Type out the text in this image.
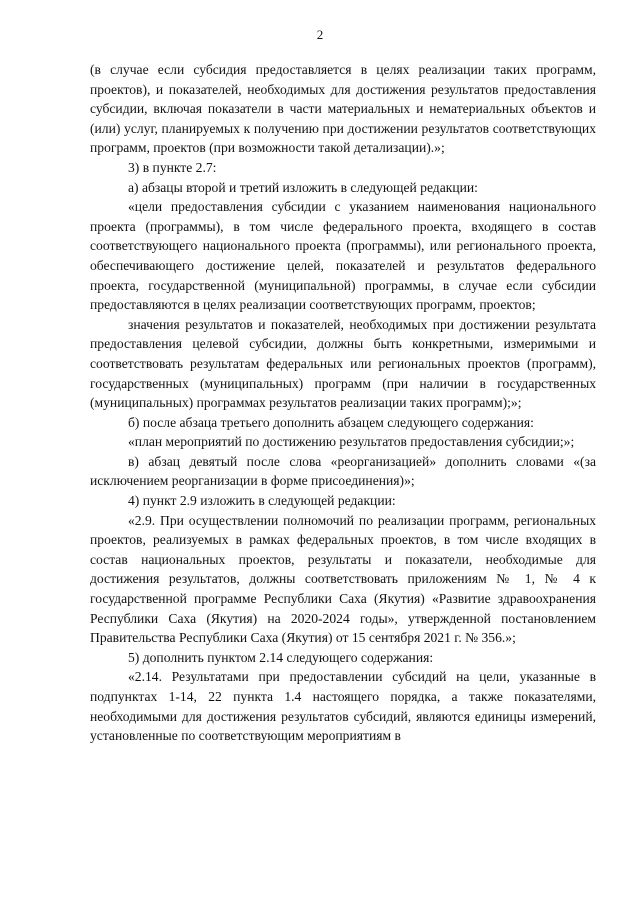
2

(в случае если субсидия предоставляется в целях реализации таких программ, проектов), и показателей, необходимых для достижения результатов предоставления субсидии, включая показатели в части материальных и нематериальных объектов и (или) услуг, планируемых к получению при достижении результатов соответствующих программ, проектов (при возможности такой детализации).»;

3) в пункте 2.7:

а) абзацы второй и третий изложить в следующей редакции:

«цели предоставления субсидии с указанием наименования национального проекта (программы), в том числе федерального проекта, входящего в состав соответствующего национального проекта (программы), или регионального проекта, обеспечивающего достижение целей, показателей и результатов федерального проекта, государственной (муниципальной) программы, в случае если субсидии предоставляются в целях реализации соответствующих программ, проектов;

значения результатов и показателей, необходимых при достижении результата предоставления целевой субсидии, должны быть конкретными, измеримыми и соответствовать результатам федеральных или региональных проектов (программ), государственных (муниципальных) программ (при наличии в государственных (муниципальных) программах результатов реализации таких программ);»;

б) после абзаца третьего дополнить абзацем следующего содержания:

«план мероприятий по достижению результатов предоставления субсидии;»;

в) абзац девятый после слова «реорганизацией» дополнить словами «(за исключением реорганизации в форме присоединения)»;

4) пункт 2.9 изложить в следующей редакции:

«2.9. При осуществлении полномочий по реализации программ, региональных проектов, реализуемых в рамках федеральных проектов, в том числе входящих в состав национальных проектов, результаты и показатели, необходимые для достижения результатов, должны соответствовать приложениям № 1, № 4 к государственной программе Республики Саха (Якутия) «Развитие здравоохранения Республики Саха (Якутия) на 2020-2024 годы», утвержденной постановлением Правительства Республики Саха (Якутия) от 15 сентября 2021 г. № 356.»;

5) дополнить пунктом 2.14 следующего содержания:

«2.14. Результатами при предоставлении субсидий на цели, указанные в подпунктах 1-14, 22 пункта 1.4 настоящего порядка, а также показателями, необходимыми для достижения результатов субсидий, являются единицы измерений, установленные по соответствующим мероприятиям в
